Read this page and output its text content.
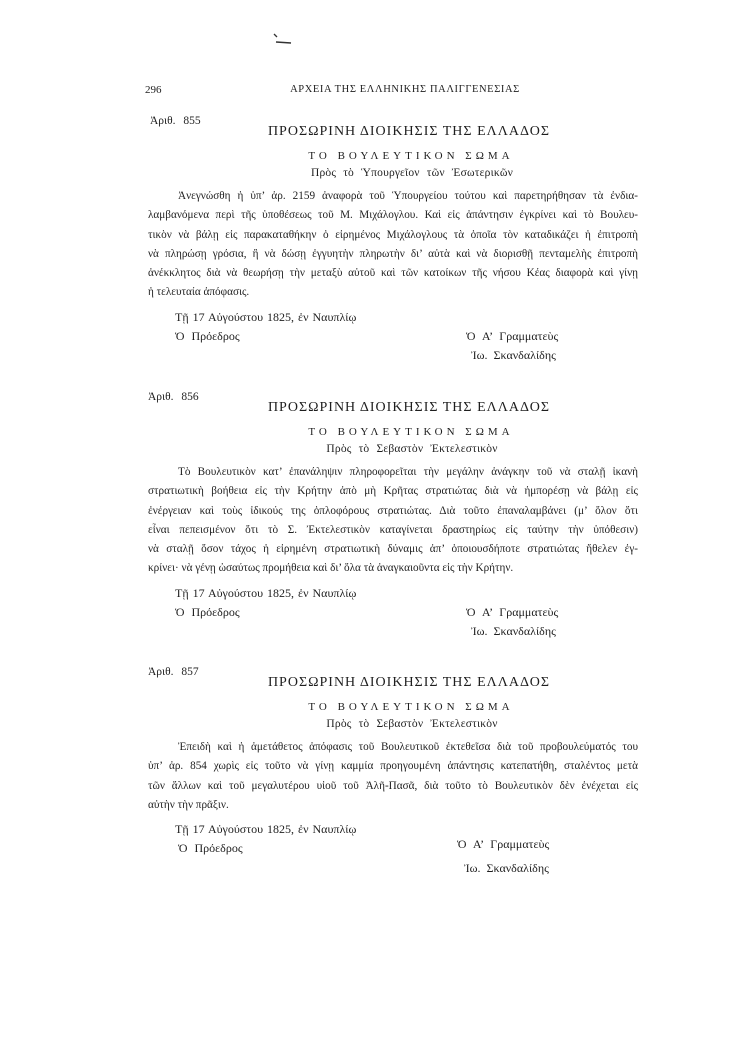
296	ΑΡΧΕΙΑ ΤΗΣ ΕΛΛΗΝΙΚΗΣ ΠΑΛΙΓΓΕΝΕΣΙΑΣ
Ἀριθ. 855
ΠΡΟΣΩΡΙΝΗ ΔΙΟΙΚΗΣΙΣ ΤΗΣ ΕΛΛΑΔΟΣ
ΤΟ ΒΟΥΛΕΥΤΙΚΟΝ ΣΩΜΑ
Πρὸς τὸ Ὑπουργεῖον τῶν Ἐσωτερικῶν
Ἀνεγνώσθη ἡ ὑπ’ ἀρ. 2159 ἀναφορὰ τοῦ Ὑπουργείου τούτου καὶ παρετηρήθησαν τὰ ἐνδια-
λαμβανόμενα περὶ τῆς ὑποθέσεως τοῦ Μ. Μιχάλογλου. Καὶ εἰς ἀπάντησιν ἐγκρίνει καὶ τὸ Βουλευ-
τικὸν νὰ βάλῃ εἰς παρακαταθήκην ὁ εἰρημένος Μιχάλογλους τὰ ὁποῖα τὸν καταδικάζει ἡ ἐπιτροπὴ
νὰ πληρώσῃ γρόσια, ἢ νὰ δώσῃ ἐγγυητὴν πληρωτὴν δι’ αὐτὰ καὶ νὰ διορισθῇ πενταμελὴς ἐπιτροπὴ
ἀνέκκλητος διὰ νὰ θεωρήσῃ τὴν μεταξὺ αὐτοῦ καὶ τῶν κατοίκων τῆς νήσου Κέας διαφορὰ καὶ γίνῃ
ἡ τελευταία ἀπόφασις.
Τῇ 17 Αὐγούστου 1825, ἐν Ναυπλίῳ
Ὁ Πρόεδρος	Ὁ Α’ Γραμματεὺς
Ἰω. Σκανδαλίδης
Ἀριθ. 856
ΠΡΟΣΩΡΙΝΗ ΔΙΟΙΚΗΣΙΣ ΤΗΣ ΕΛΛΑΔΟΣ
ΤΟ ΒΟΥΛΕΥΤΙΚΟΝ ΣΩΜΑ
Πρὸς τὸ Σεβαστὸν Ἐκτελεστικὸν
Τὸ Βουλευτικὸν κατ’ ἐπανάληψιν πληροφορεῖται τὴν μεγάλην ἀνάγκην τοῦ νὰ σταλῇ ἱκανὴ
στρατιωτικὴ βοήθεια εἰς τὴν Κρήτην ἀπὸ μὴ Κρῆτας στρατιώτας διὰ νὰ ἠμπορέσῃ νὰ βάλῃ εἰς
ἐνέργειαν καὶ τοὺς ἰδικούς της ὁπλοφόρους στρατιώτας. Διὰ τοῦτο ἐπαναλαμβάνει (μ’ ὅλον ὅτι
εἶναι πεπεισμένον ὅτι τὸ Σ. Ἐκτελεστικὸν καταγίνεται δραστηρίως εἰς ταύτην τὴν ὑπόθεσιν)
νὰ σταλῇ ὅσον τάχος ἡ εἰρημένη στρατιωτικὴ δύναμις ἀπ’ ὁποιουσδήποτε στρατιώτας ἤθελεν ἐγ-
κρίνει· νὰ γένῃ ὡσαύτως προμήθεια καὶ δι’ ὅλα τὰ ἀναγκαιοῦντα εἰς τὴν Κρήτην.
Τῇ 17 Αὐγούστου 1825, ἐν Ναυπλίῳ
Ὁ Πρόεδρος	Ὁ Α’ Γραμματεὺς
Ἰω. Σκανδαλίδης
Ἀριθ. 857
ΠΡΟΣΩΡΙΝΗ ΔΙΟΙΚΗΣΙΣ ΤΗΣ ΕΛΛΑΔΟΣ
ΤΟ ΒΟΥΛΕΥΤΙΚΟΝ ΣΩΜΑ
Πρὸς τὸ Σεβαστὸν Ἐκτελεστικὸν
Ἐπειδὴ καὶ ἡ ἀμετάθετος ἀπόφασις τοῦ Βουλευτικοῦ ἐκτεθεῖσα διὰ τοῦ προβουλεύματός του
ὑπ’ ἀρ. 854 χωρὶς εἰς τοῦτο νὰ γίνῃ καμμία προηγουμένη ἀπάντησις κατεπατήθη, σταλέντος μετὰ
τῶν ἄλλων καὶ τοῦ μεγαλυτέρου υἱοῦ τοῦ Ἀλῆ-Πασᾶ, διὰ τοῦτο τὸ Βουλευτικὸν δὲν ἐνέχεται εἰς
αὐτὴν τὴν πρᾶξιν.
Τῇ 17 Αὐγούστου 1825, ἐν Ναυπλίῳ
Ὁ Πρόεδρος	Ὁ Α’ Γραμματεὺς
Ἰω. Σκανδαλίδης
